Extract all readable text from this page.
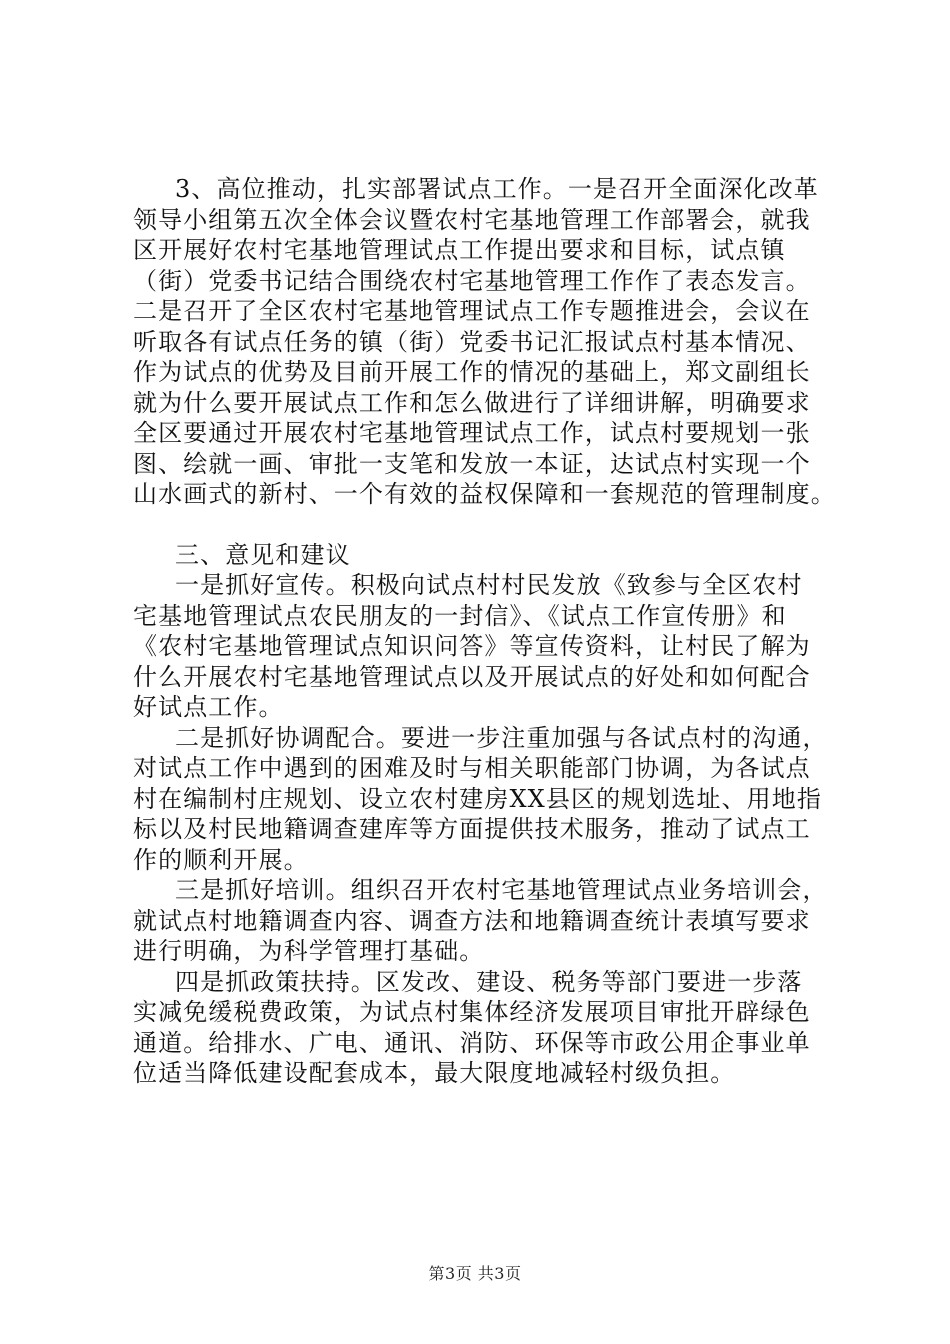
3、高位推动，扎实部署试点工作。一是召开全面深化改革
领导小组第五次全体会议暨农村宅基地管理工作部署会，就我
区开展好农村宅基地管理试点工作提出要求和目标，试点镇
（街）党委书记结合围绕农村宅基地管理工作作了表态发言。
二是召开了全区农村宅基地管理试点工作专题推进会，会议在
听取各有试点任务的镇（街）党委书记汇报试点村基本情况、
作为试点的优势及目前开展工作的情况的基础上，郑文副组长
就为什么要开展试点工作和怎么做进行了详细讲解，明确要求
全区要通过开展农村宅基地管理试点工作，试点村要规划一张
图、绘就一画、审批一支笔和发放一本证，达试点村实现一个
山水画式的新村、一个有效的益权保障和一套规范的管理制度。
三、意见和建议
一是抓好宣传。积极向试点村村民发放《致参与全区农村
宅基地管理试点农民朋友的一封信》、《试点工作宣传册》和
《农村宅基地管理试点知识问答》等宣传资料，让村民了解为
什么开展农村宅基地管理试点以及开展试点的好处和如何配合
好试点工作。
二是抓好协调配合。要进一步注重加强与各试点村的沟通，
对试点工作中遇到的困难及时与相关职能部门协调，为各试点
村在编制村庄规划、设立农村建房XX县区的规划选址、用地指
标以及村民地籍调查建库等方面提供技术服务，推动了试点工
作的顺利开展。
三是抓好培训。组织召开农村宅基地管理试点业务培训会，
就试点村地籍调查内容、调查方法和地籍调查统计表填写要求
进行明确，为科学管理打基础。
四是抓政策扶持。区发改、建设、税务等部门要进一步落
实减免缓税费政策，为试点村集体经济发展项目审批开辟绿色
通道。给排水、广电、通讯、消防、环保等市政公用企事业单
位适当降低建设配套成本，最大限度地减轻村级负担。
第3页 共3页
